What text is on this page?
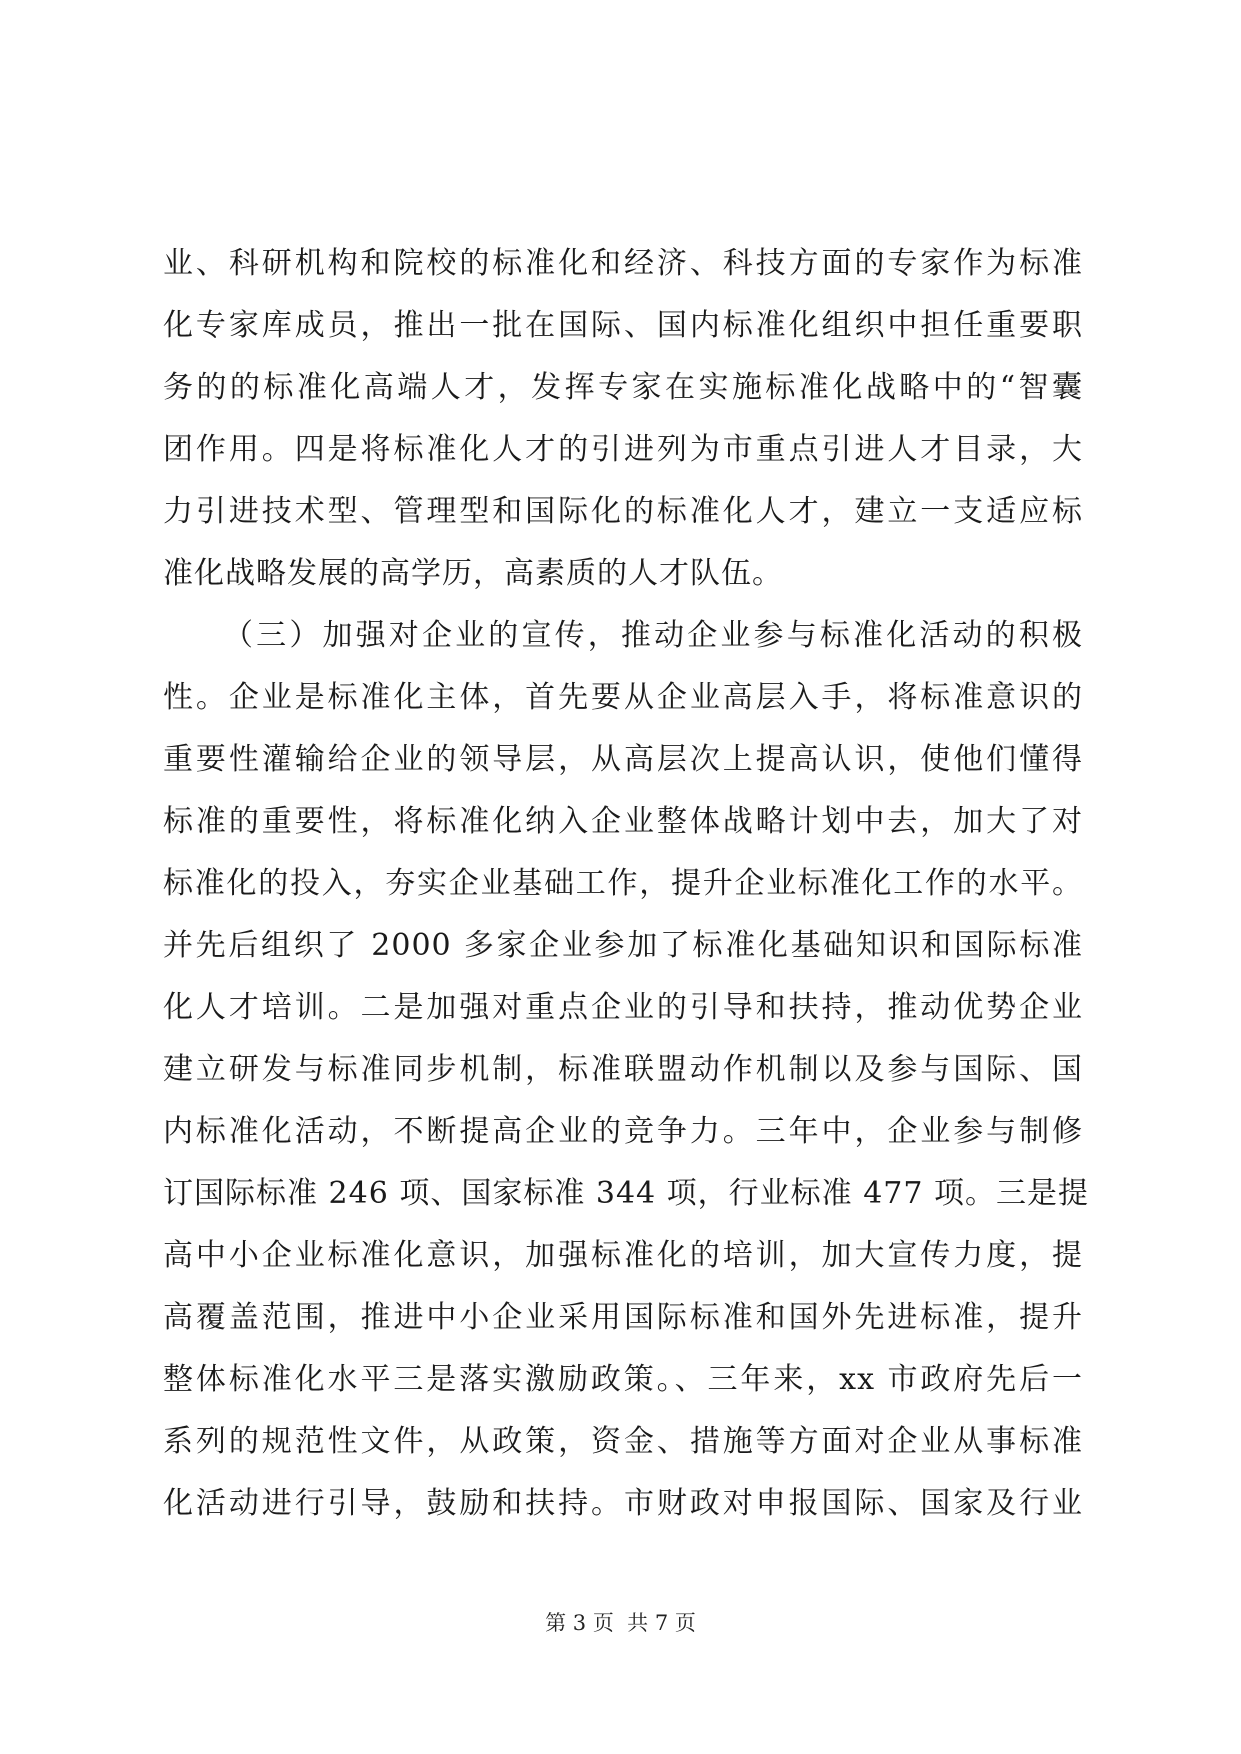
业、科研机构和院校的标准化和经济、科技方面的专家作为标准
化专家库成员，推出一批在国际、国内标准化组织中担任重要职
务的的标准化高端人才，发挥专家在实施标准化战略中的“智囊
团作用。四是将标准化人才的引进列为市重点引进人才目录，大
力引进技术型、管理型和国际化的标准化人才，建立一支适应标
准化战略发展的高学历，高素质的人才队伍。
（三）加强对企业的宣传，推动企业参与标准化活动的积极
性。企业是标准化主体，首先要从企业高层入手，将标准意识的
重要性灌输给企业的领导层，从高层次上提高认识，使他们懂得
标准的重要性，将标准化纳入企业整体战略计划中去，加大了对
标准化的投入，夯实企业基础工作，提升企业标准化工作的水平。
并先后组织了 2000 多家企业参加了标准化基础知识和国际标准
化人才培训。二是加强对重点企业的引导和扶持，推动优势企业
建立研发与标准同步机制，标准联盟动作机制以及参与国际、国
内标准化活动，不断提高企业的竞争力。三年中，企业参与制修
订国际标准 246 项、国家标准 344 项，行业标准 477 项。三是提
高中小企业标准化意识，加强标准化的培训，加大宣传力度，提
高覆盖范围，推进中小企业采用国际标准和国外先进标准，提升
整体标准化水平三是落实激励政策。、三年来，xx 市政府先后一
系列的规范性文件，从政策，资金、措施等方面对企业从事标准
化活动进行引导，鼓励和扶持。市财政对申报国际、国家及行业
第 3 页  共 7 页
